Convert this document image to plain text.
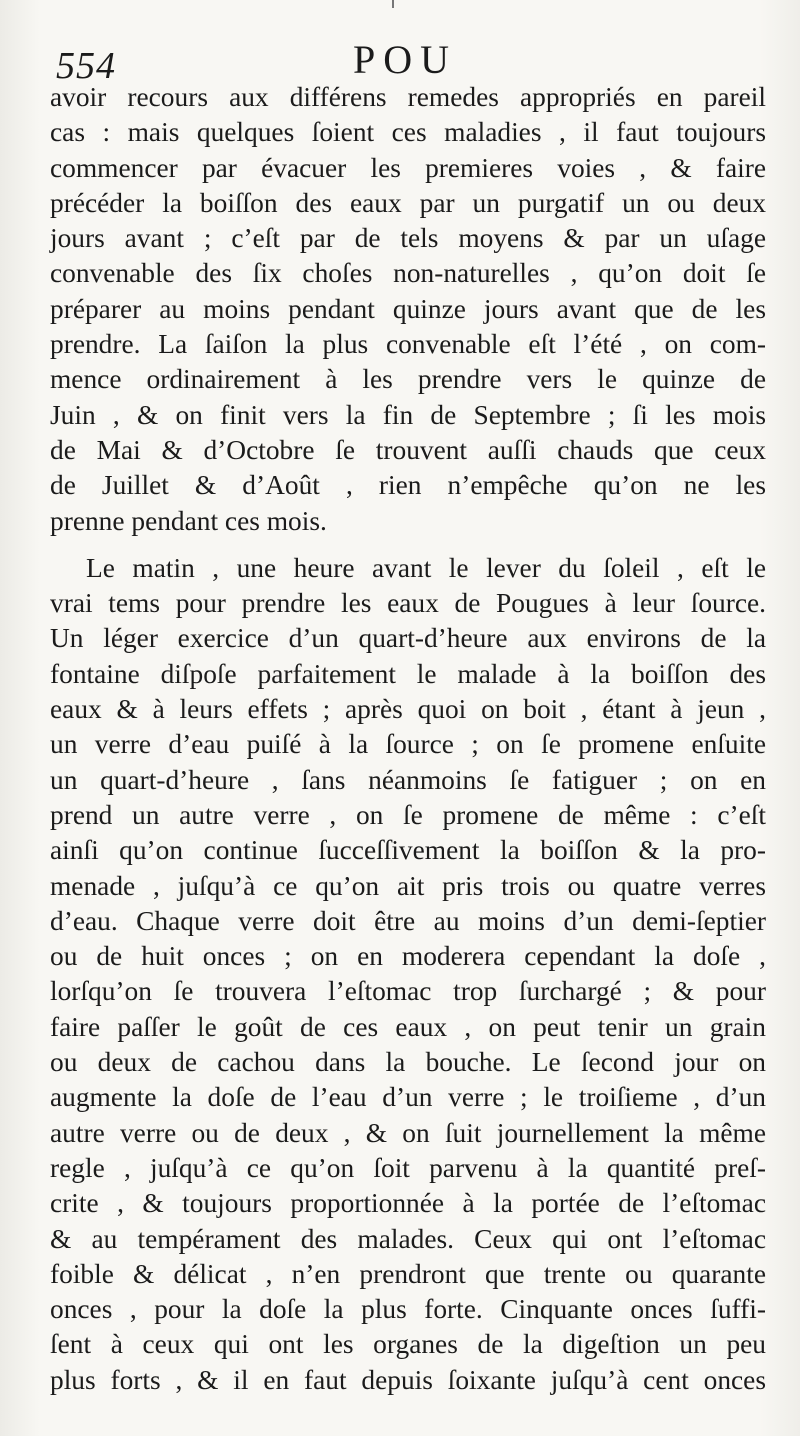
554	POU
avoir recours aux différens remedes appropriés en pareil
cas : mais quelques ſoient ces maladies , il faut toujours
commencer par évacuer les premieres voies , & faire
précéder la boiſſon des eaux par un purgatif un ou deux
jours avant ; c’eſt par de tels moyens & par un uſage
convenable des ſix choſes non-naturelles , qu’on doit ſe
préparer au moins pendant quinze jours avant que de les
prendre. La ſaiſon la plus convenable eſt l’été , on com-
mence ordinairement à les prendre vers le quinze de
Juin , & on finit vers la fin de Septembre ; ſi les mois
de Mai & d’Octobre ſe trouvent auſſi chauds que ceux
de Juillet & d’Août , rien n’empêche qu’on ne les
prenne pendant ces mois.
Le matin , une heure avant le lever du ſoleil , eſt le
vrai tems pour prendre les eaux de Pougues à leur ſource.
Un léger exercice d’un quart-d’heure aux environs de la
fontaine diſpoſe parfaitement le malade à la boiſſon des
eaux & à leurs effets ; après quoi on boit , étant à jeun ,
un verre d’eau puiſé à la ſource ; on ſe promene enſuite
un quart-d’heure , ſans néanmoins ſe fatiguer ; on en
prend un autre verre , on ſe promene de même : c’eſt
ainſi qu’on continue ſucceſſivement la boiſſon & la pro-
menade , juſqu’à ce qu’on ait pris trois ou quatre verres
d’eau. Chaque verre doit être au moins d’un demi-ſeptier
ou de huit onces ; on en moderera cependant la doſe ,
lorſqu’on ſe trouvera l’eſtomac trop ſurchargé ; & pour
faire paſſer le goût de ces eaux , on peut tenir un grain
ou deux de cachou dans la bouche. Le ſecond jour on
augmente la doſe de l’eau d’un verre ; le troiſieme , d’un
autre verre ou de deux , & on ſuit journellement la même
regle , juſqu’à ce qu’on ſoit parvenu à la quantité preſ-
crite , & toujours proportionnée à la portée de l’eſtomac
& au tempérament des malades. Ceux qui ont l’eſtomac
foible & délicat , n’en prendront que trente ou quarante
onces , pour la doſe la plus forte. Cinquante onces ſuffi-
ſent à ceux qui ont les organes de la digeſtion un peu
plus forts , & il en faut depuis ſoixante juſqu’à cent onces
